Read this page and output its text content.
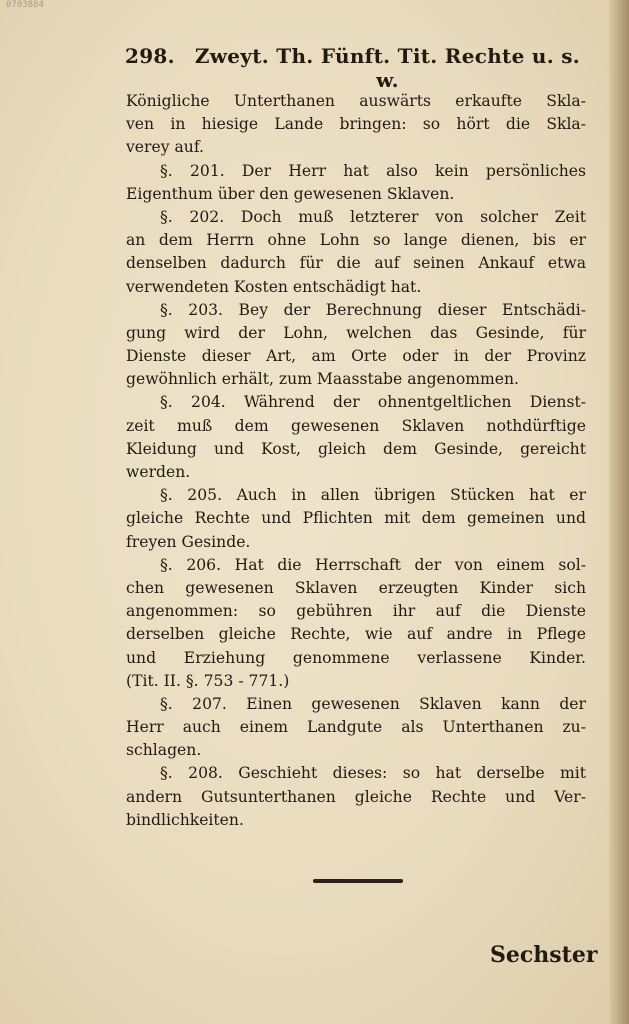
0703884
298. Zweyt. Th. Fünft. Tit. Rechte u. s. w.
Königliche Unterthanen auswärts erkaufte Skla-
ven in hiesige Lande bringen: so hört die Skla-
verey auf.
§. 201. Der Herr hat also kein persönliches
Eigenthum über den gewesenen Sklaven.
§. 202. Doch muß letzterer von solcher Zeit
an dem Herrn ohne Lohn so lange dienen, bis er
denselben dadurch für die auf seinen Ankauf etwa
verwendeten Kosten entschädigt hat.
§. 203. Bey der Berechnung dieser Entschädi-
gung wird der Lohn, welchen das Gesinde, für
Dienste dieser Art, am Orte oder in der Provinz
gewöhnlich erhält, zum Maasstabe angenommen.
§. 204. Während der ohnentgeltlichen Dienst-
zeit muß dem gewesenen Sklaven nothdürftige
Kleidung und Kost, gleich dem Gesinde, gereicht
werden.
§. 205. Auch in allen übrigen Stücken hat er
gleiche Rechte und Pflichten mit dem gemeinen und
freyen Gesinde.
§. 206. Hat die Herrschaft der von einem sol-
chen gewesenen Sklaven erzeugten Kinder sich
angenommen: so gebühren ihr auf die Dienste
derselben gleiche Rechte, wie auf andre in Pflege
und Erziehung genommene verlassene Kinder.
(Tit. II. §. 753 - 771.)
§. 207. Einen gewesenen Sklaven kann der
Herr auch einem Landgute als Unterthanen zu-
schlagen.
§. 208. Geschieht dieses: so hat derselbe mit
andern Gutsunterthanen gleiche Rechte und Ver-
bindlichkeiten.
Sechster
